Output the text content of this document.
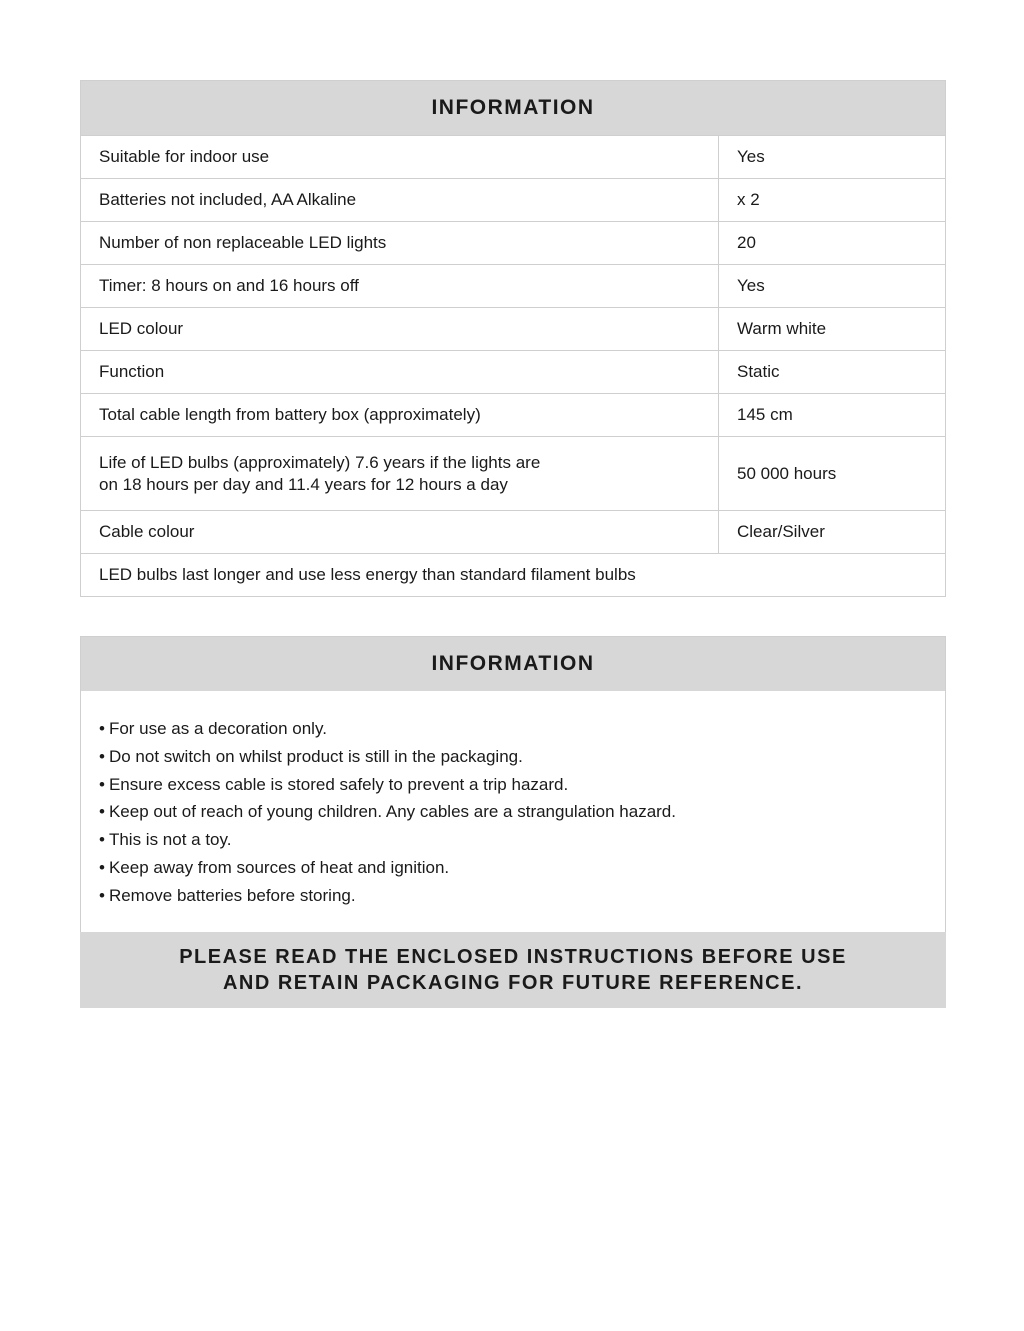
INFORMATION
Suitable for indoor use	Yes
Batteries not included, AA Alkaline	x 2
Number of non replaceable LED lights	20
Timer: 8 hours on and 16 hours off	Yes
LED colour	Warm white
Function	Static
Total cable length from battery box (approximately)	145 cm

Life of LED bulbs (approximately) 7.6 years if the lights are
on 18 hours per day and 11.4 years for 12 hours a day	50 000 hours
Cable colour	Clear/Silver
LED bulbs last longer and use less energy than standard filament bulbs	
INFORMATION
• For use as a decoration only.
• Do not switch on whilst product is still in the packaging.
• Ensure excess cable is stored safely to prevent a trip hazard.
• Keep out of reach of young children. Any cables are a strangulation hazard.
• This is not a toy.
• Keep away from sources of heat and ignition.
• Remove batteries before storing.
PLEASE READ THE ENCLOSED INSTRUCTIONS BEFORE USE
AND RETAIN PACKAGING FOR FUTURE REFERENCE.
